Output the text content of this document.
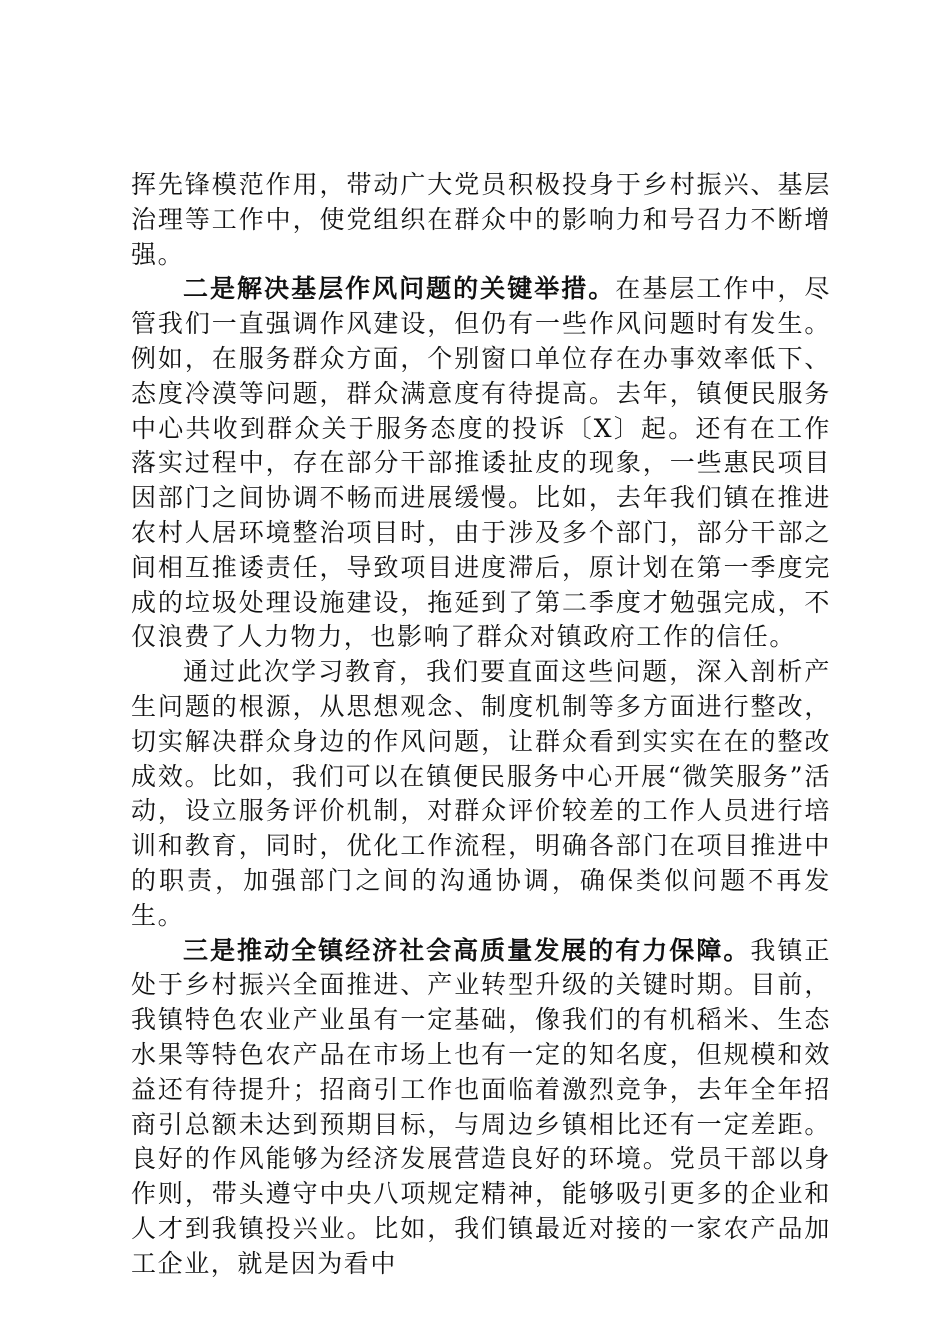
挥先锋模范作用，带动广大党员积极投身于乡村振兴、基层治理等工作中，使党组织在群众中的影响力和号召力不断增强。

二是解决基层作风问题的关键举措。在基层工作中，尽管我们一直强调作风建设，但仍有一些作风问题时有发生。例如，在服务群众方面，个别窗口单位存在办事效率低下、态度冷漠等问题，群众满意度有待提高。去年，镇便民服务中心共收到群众关于服务态度的投诉〔X〕起。还有在工作落实过程中，存在部分干部推诿扯皮的现象，一些惠民项目因部门之间协调不畅而进展缓慢。比如，去年我们镇在推进农村人居环境整治项目时，由于涉及多个部门，部分干部之间相互推诿责任，导致项目进度滞后，原计划在第一季度完成的垃圾处理设施建设，拖延到了第二季度才勉强完成，不仅浪费了人力物力，也影响了群众对镇政府工作的信任。

通过此次学习教育，我们要直面这些问题，深入剖析产生问题的根源，从思想观念、制度机制等多方面进行整改，切实解决群众身边的作风问题，让群众看到实实在在的整改成效。比如，我们可以在镇便民服务中心开展“微笑服务”活动，设立服务评价机制，对群众评价较差的工作人员进行培训和教育，同时，优化工作流程，明确各部门在项目推进中的职责，加强部门之间的沟通协调，确保类似问题不再发生。

三是推动全镇经济社会高质量发展的有力保障。我镇正处于乡村振兴全面推进、产业转型升级的关键时期。目前，我镇特色农业产业虽有一定基础，像我们的有机稻米、生态水果等特色农产品在市场上也有一定的知名度，但规模和效益还有待提升；招商引工作也面临着激烈竞争，去年全年招商引总额未达到预期目标，与周边乡镇相比还有一定差距。良好的作风能够为经济发展营造良好的环境。党员干部以身作则，带头遵守中央八项规定精神，能够吸引更多的企业和人才到我镇投兴业。比如，我们镇最近对接的一家农产品加工企业，就是因为看中
